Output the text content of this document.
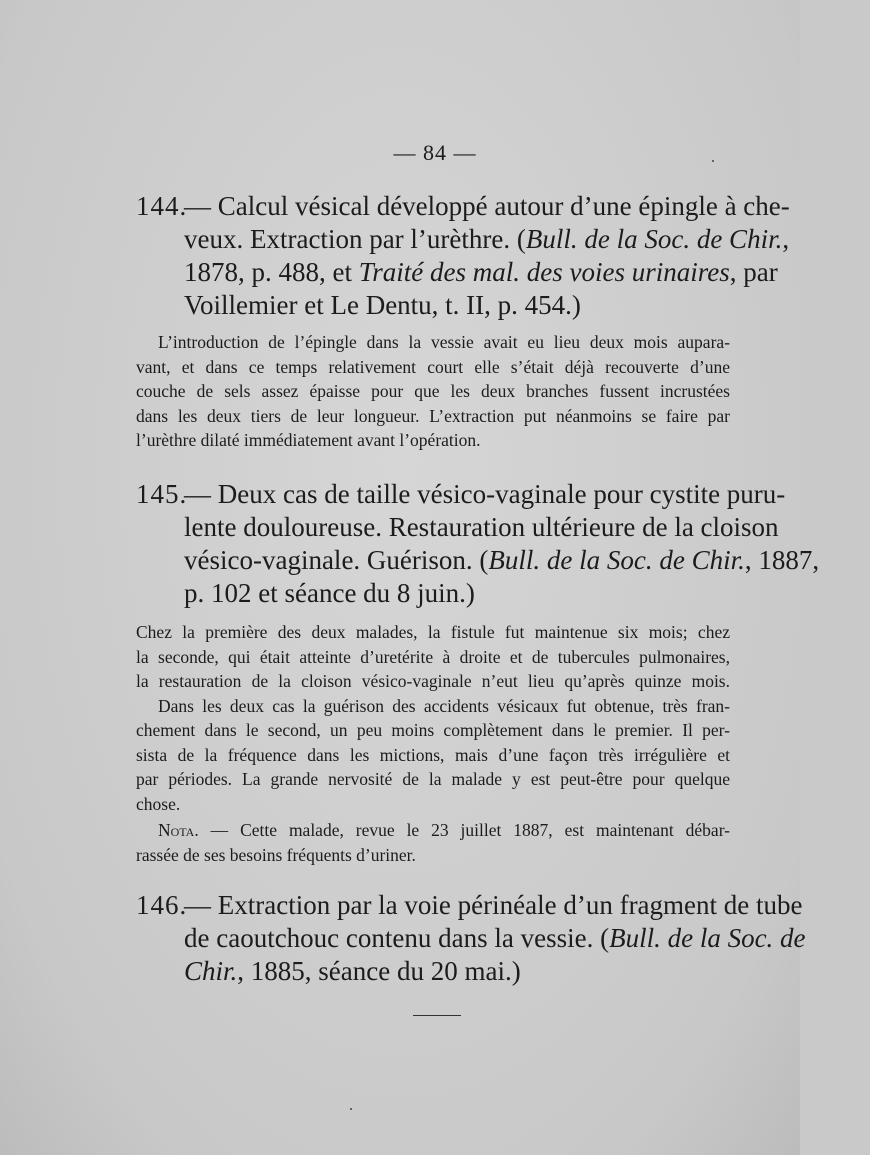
— 84 —
144.
— Calcul vésical développé autour d’une épingle à che-
veux. Extraction par l’urèthre. (Bull. de la Soc. de Chir.,
1878, p. 488, et Traité des mal. des voies urinaires, par
Voillemier et Le Dentu, t. II, p. 454.)
L’introduction de l’épingle dans la vessie avait eu lieu deux mois aupara-
vant, et dans ce temps relativement court elle s’était déjà recouverte d’une
couche de sels assez épaisse pour que les deux branches fussent incrustées
dans les deux tiers de leur longueur. L’extraction put néanmoins se faire par
l’urèthre dilaté immédiatement avant l’opération.
145.
— Deux cas de taille vésico-vaginale pour cystite puru-
lente douloureuse. Restauration ultérieure de la cloison
vésico-vaginale. Guérison. (Bull. de la Soc. de Chir., 1887,
p. 102 et séance du 8 juin.)
Chez la première des deux malades, la fistule fut maintenue six mois; chez
la seconde, qui était atteinte d’uretérite à droite et de tubercules pulmonaires,
la restauration de la cloison vésico-vaginale n’eut lieu qu’après quinze mois.
Dans les deux cas la guérison des accidents vésicaux fut obtenue, très fran-
chement dans le second, un peu moins complètement dans le premier. Il per-
sista de la fréquence dans les mictions, mais d’une façon très irrégulière et
par périodes. La grande nervosité de la malade y est peut-être pour quelque
chose.
Nota. — Cette malade, revue le 23 juillet 1887, est maintenant débar-
rassée de ses besoins fréquents d’uriner.
146.
— Extraction par la voie périnéale d’un fragment de tube
de caoutchouc contenu dans la vessie. (Bull. de la Soc. de
Chir., 1885, séance du 20 mai.)
